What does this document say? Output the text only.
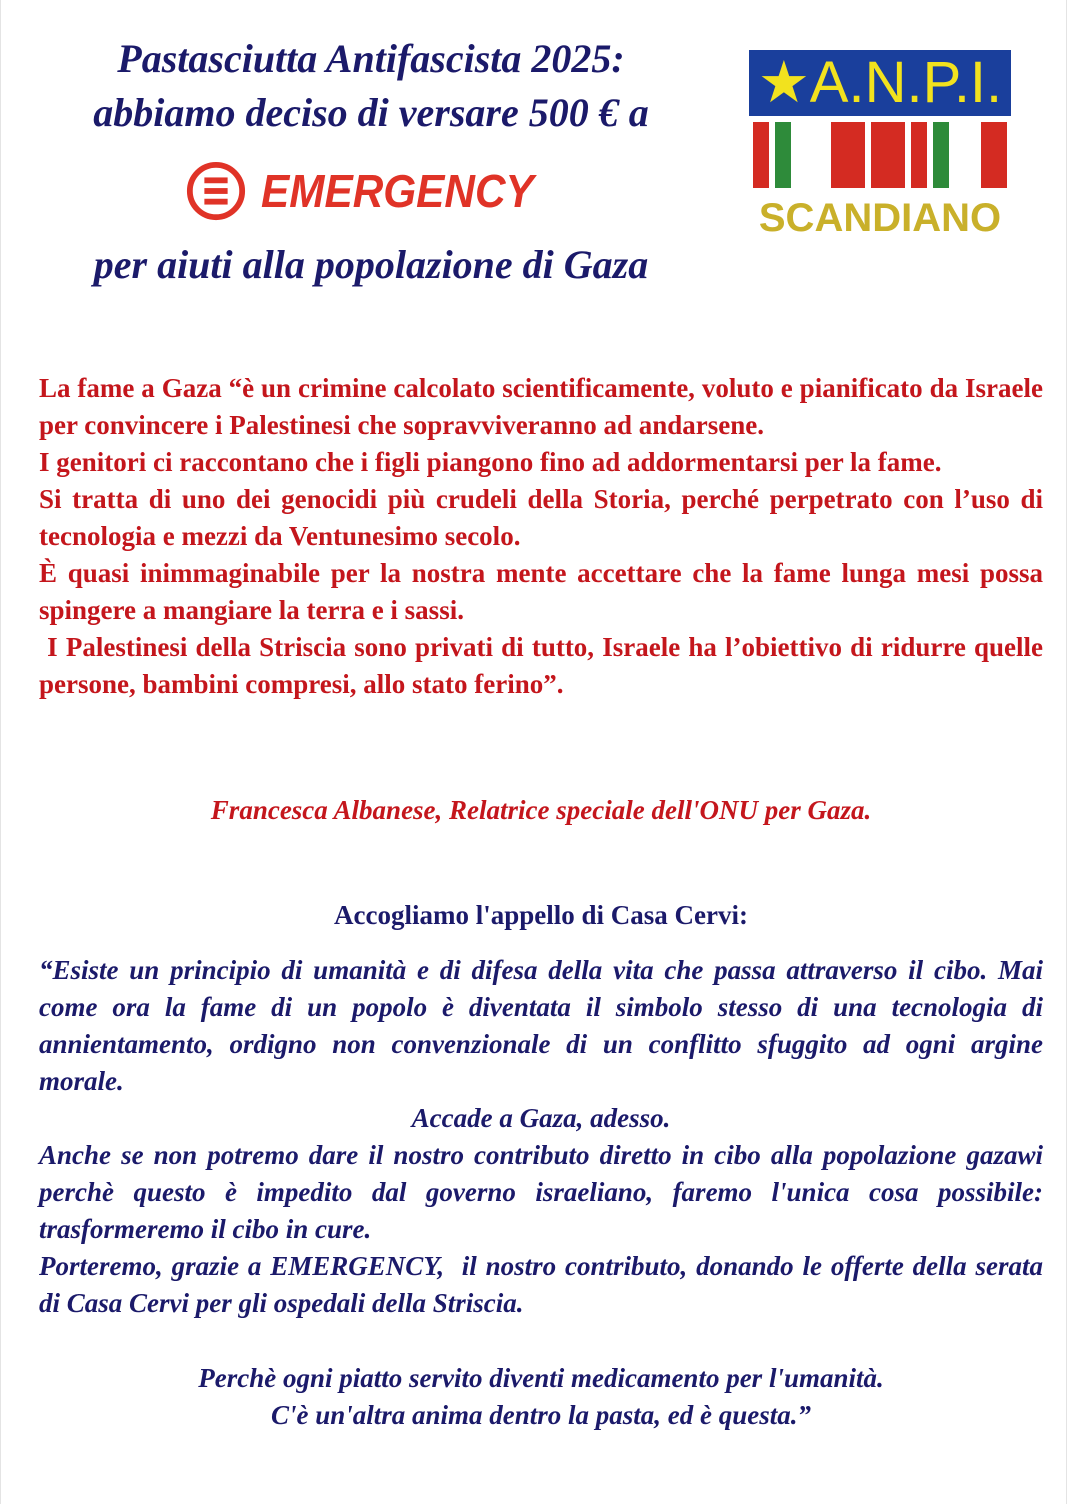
Pastasciutta Antifascista 2025:
abbiamo deciso di versare 500 € a
EMERGENCY
per aiuti alla popolazione di Gaza
★A.N.P.I.
SCANDIANO

La fame a Gaza “è un crimine calcolato scientificamente, voluto e pianificato da Israele per convincere i Palestinesi che sopravviveranno ad andarsene.

I genitori ci raccontano che i figli piangono fino ad addormentarsi per la fame.

Si tratta di uno dei genocidi più crudeli della Storia, perché perpetrato con l’uso di tecnologia e mezzi da Ventunesimo secolo.

È quasi inimmaginabile per la nostra mente accettare che la fame lunga mesi possa spingere a mangiare la terra e i sassi.

I Palestinesi della Striscia sono privati di tutto, Israele ha l’obiettivo di ridurre quelle persone, bambini compresi, allo stato ferino”.

Francesca Albanese, Relatrice speciale dell'ONU per Gaza.
Accogliamo l'appello di Casa Cervi:

“Esiste un principio di umanità e di difesa della vita che passa attraverso il cibo. Mai come ora la fame di un popolo è diventata il simbolo stesso di una tecnologia di annientamento, ordigno non convenzionale di un conflitto sfuggito ad ogni argine morale.

Accade a Gaza, adesso.

Anche se non potremo dare il nostro contributo diretto in cibo alla popolazione gazawi perchè questo è impedito dal governo israeliano, faremo l'unica cosa possibile: trasformeremo il cibo in cure.

Porteremo, grazie a EMERGENCY,  il nostro contributo, donando le offerte della serata di Casa Cervi per gli ospedali della Striscia.

Perchè ogni piatto servito diventi medicamento per l'umanità.

C'è un'altra anima dentro la pasta, ed è questa.”
